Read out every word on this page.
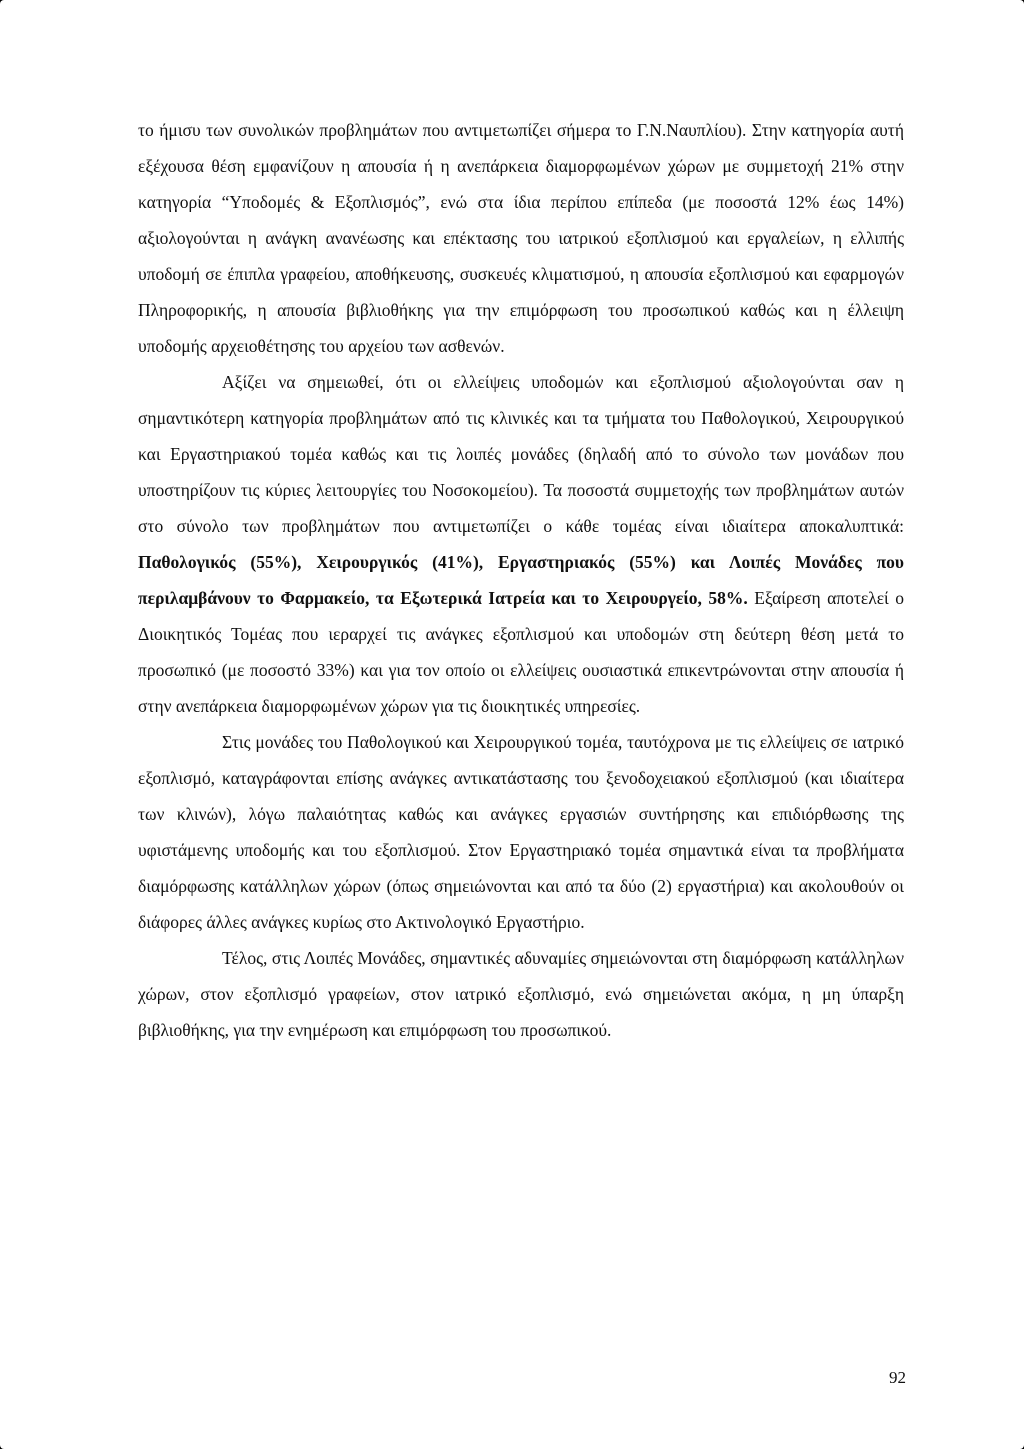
το ήμισυ των συνολικών προβλημάτων που αντιμετωπίζει σήμερα το Γ.Ν.Ναυπλίου). Στην κατηγορία αυτή εξέχουσα θέση εμφανίζουν η απουσία ή η ανεπάρκεια διαμορφωμένων χώρων με συμμετοχή 21% στην κατηγορία “Υποδομές & Εξοπλισμός”, ενώ στα ίδια περίπου επίπεδα (με ποσοστά 12% έως 14%) αξιολογούνται η ανάγκη ανανέωσης και επέκτασης του ιατρικού εξοπλισμού και εργαλείων, η ελλιπής υποδομή σε έπιπλα γραφείου, αποθήκευσης, συσκευές κλιματισμού, η απουσία εξοπλισμού και εφαρμογών Πληροφορικής, η απουσία βιβλιοθήκης για την επιμόρφωση του προσωπικού καθώς και η έλλειψη υποδομής αρχειοθέτησης του αρχείου των ασθενών.

Αξίζει να σημειωθεί, ότι οι ελλείψεις υποδομών και εξοπλισμού αξιολογούνται σαν η σημαντικότερη κατηγορία προβλημάτων από τις κλινικές και τα τμήματα του Παθολογικού, Χειρουργικού και Εργαστηριακού τομέα καθώς και τις λοιπές μονάδες (δηλαδή από το σύνολο των μονάδων που υποστηρίζουν τις κύριες λειτουργίες του Νοσοκομείου). Τα ποσοστά συμμετοχής των προβλημάτων αυτών στο σύνολο των προβλημάτων που αντιμετωπίζει ο κάθε τομέας είναι ιδιαίτερα αποκαλυπτικά: Παθολογικός (55%), Χειρουργικός (41%), Εργαστηριακός (55%) και Λοιπές Μονάδες που περιλαμβάνουν το Φαρμακείο, τα Εξωτερικά Ιατρεία και το Χειρουργείο, 58%. Εξαίρεση αποτελεί ο Διοικητικός Τομέας που ιεραρχεί τις ανάγκες εξοπλισμού και υποδομών στη δεύτερη θέση μετά το προσωπικό (με ποσοστό 33%) και για τον οποίο οι ελλείψεις ουσιαστικά επικεντρώνονται στην απουσία ή στην ανεπάρκεια διαμορφωμένων χώρων για τις διοικητικές υπηρεσίες.

Στις μονάδες του Παθολογικού και Χειρουργικού τομέα, ταυτόχρονα με τις ελλείψεις σε ιατρικό εξοπλισμό, καταγράφονται επίσης ανάγκες αντικατάστασης του ξενοδοχειακού εξοπλισμού (και ιδιαίτερα των κλινών), λόγω παλαιότητας καθώς και ανάγκες εργασιών συντήρησης και επιδιόρθωσης της υφιστάμενης υποδομής και του εξοπλισμού. Στον Εργαστηριακό τομέα σημαντικά είναι τα προβλήματα διαμόρφωσης κατάλληλων χώρων (όπως σημειώνονται και από τα δύο (2) εργαστήρια) και ακολουθούν οι διάφορες άλλες ανάγκες κυρίως στο Ακτινολογικό Εργαστήριο.

Τέλος, στις Λοιπές Μονάδες, σημαντικές αδυναμίες σημειώνονται στη διαμόρφωση κατάλληλων χώρων, στον εξοπλισμό γραφείων, στον ιατρικό εξοπλισμό, ενώ σημειώνεται ακόμα, η μη ύπαρξη βιβλιοθήκης, για την ενημέρωση και επιμόρφωση του προσωπικού.

92
